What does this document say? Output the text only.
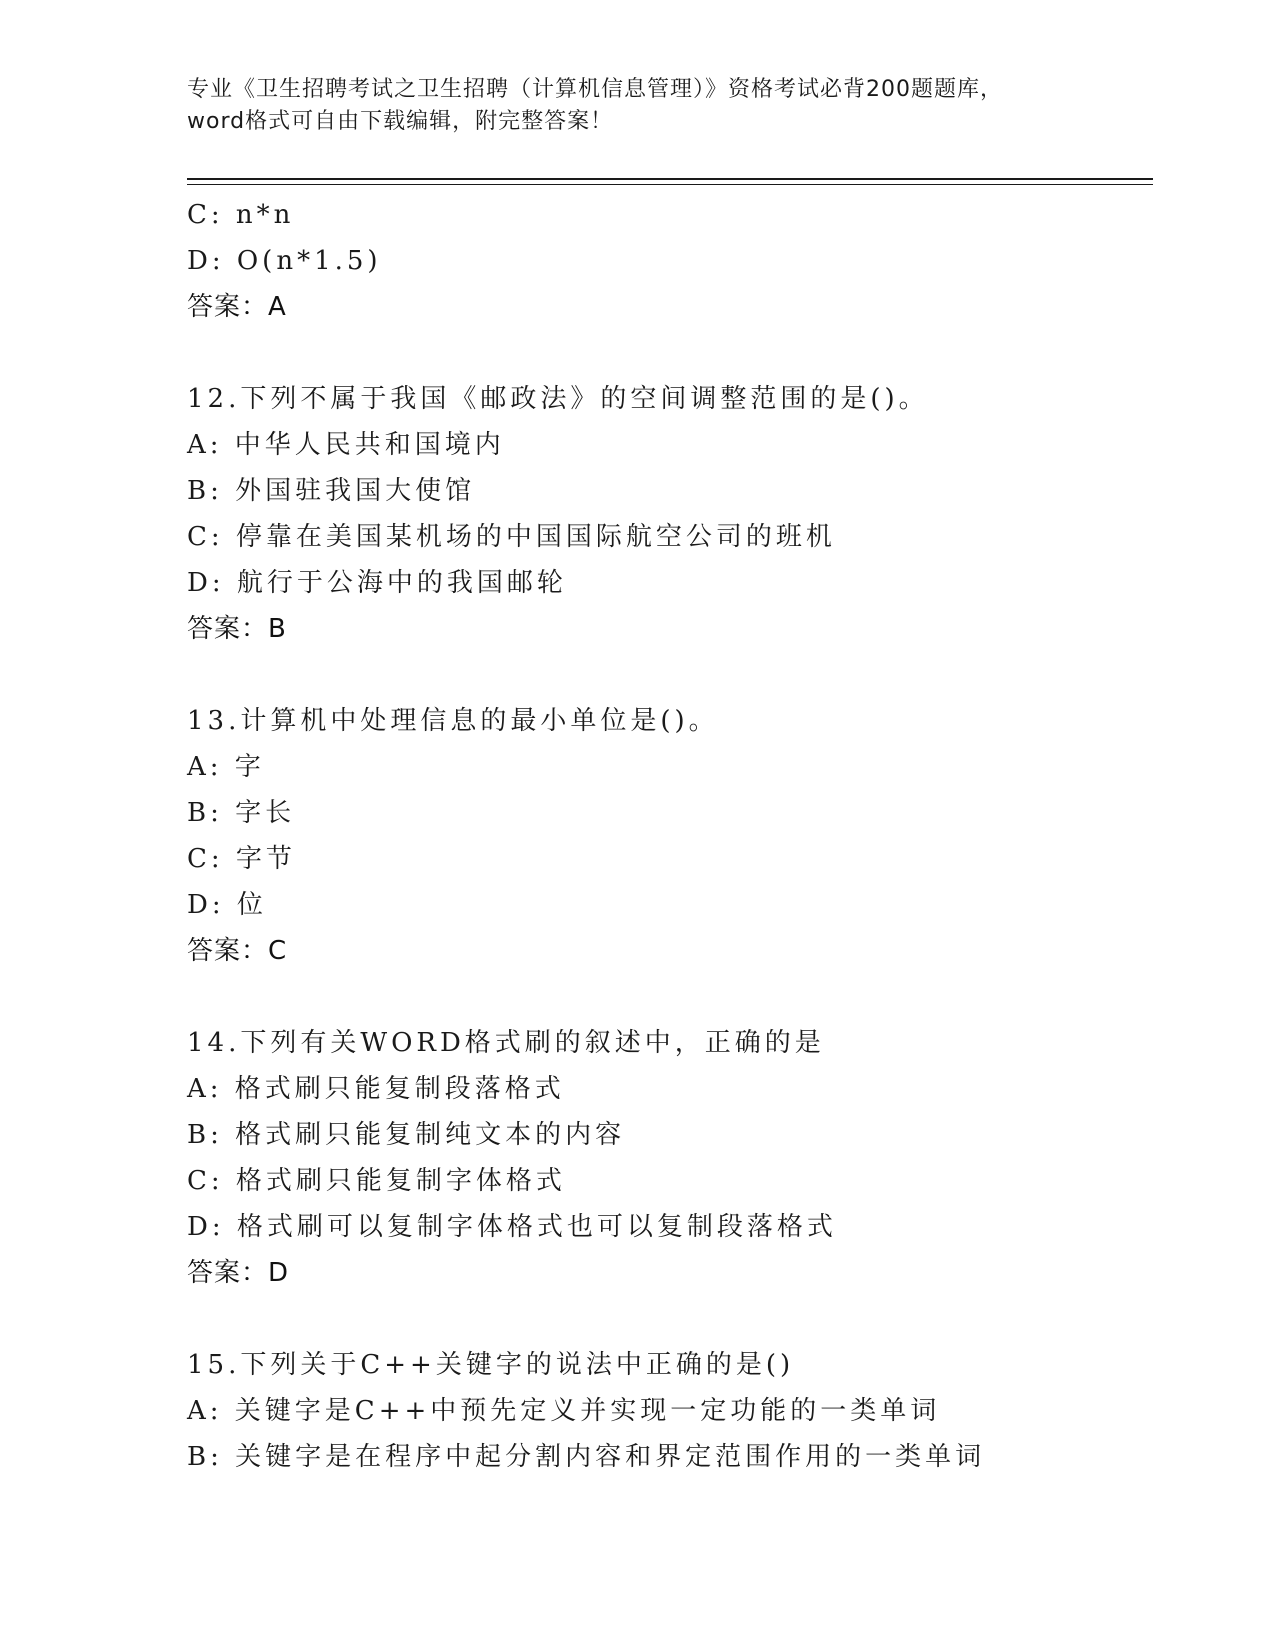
专业《卫生招聘考试之卫生招聘（计算机信息管理）》资格考试必背200题题库，
word格式可自由下载编辑，附完整答案！
C: n*n
D: O(n*1.5)
答案：A
12.下列不属于我国《邮政法》的空间调整范围的是()。
A: 中华人民共和国境内
B: 外国驻我国大使馆
C: 停靠在美国某机场的中国国际航空公司的班机
D: 航行于公海中的我国邮轮
答案：B
13.计算机中处理信息的最小单位是()。
A: 字
B: 字长
C: 字节
D: 位
答案：C
14.下列有关WORD格式刷的叙述中，正确的是
A: 格式刷只能复制段落格式
B: 格式刷只能复制纯文本的内容
C: 格式刷只能复制字体格式
D: 格式刷可以复制字体格式也可以复制段落格式
答案：D
15.下列关于C++关键字的说法中正确的是()
A: 关键字是C++中预先定义并实现一定功能的一类单词
B: 关键字是在程序中起分割内容和界定范围作用的一类单词
